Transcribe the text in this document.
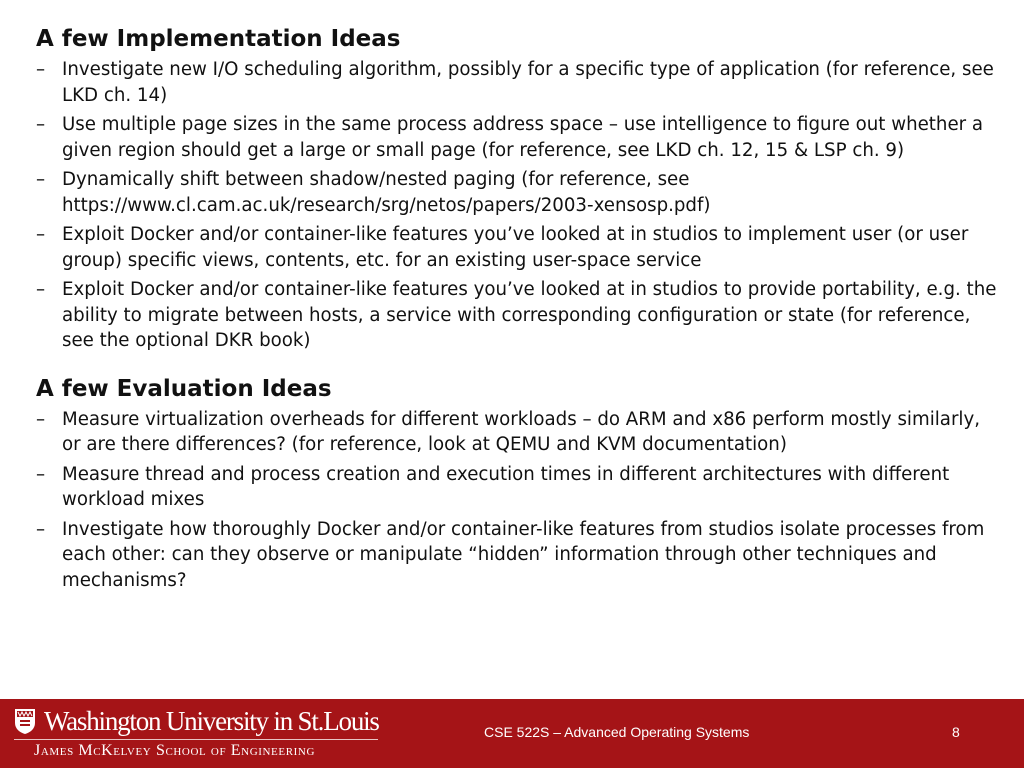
A few Implementation Ideas
– Investigate new I/O scheduling algorithm, possibly for a specific type of application (for reference, see LKD ch. 14)
– Use multiple page sizes in the same process address space – use intelligence to figure out whether a given region should get a large or small page (for reference, see LKD ch. 12, 15 & LSP ch. 9)
– Dynamically shift between shadow/nested paging (for reference, see https://www.cl.cam.ac.uk/research/srg/netos/papers/2003-xensosp.pdf)
– Exploit Docker and/or container-like features you’ve looked at in studios to implement user (or user group) specific views, contents, etc. for an existing user-space service
– Exploit Docker and/or container-like features you’ve looked at in studios to provide portability, e.g. the ability to migrate between hosts, a service with corresponding configuration or state (for reference, see the optional DKR book)
A few Evaluation Ideas
– Measure virtualization overheads for different workloads – do ARM and x86 perform mostly similarly, or are there differences? (for reference, look at QEMU and KVM documentation)
– Measure thread and process creation and execution times in different architectures with different workload mixes
– Investigate how thoroughly Docker and/or container-like features from studios isolate processes from each other: can they observe or manipulate “hidden” information through other techniques and mechanisms?
Washington University in St.Louis
James McKelvey School of Engineering
CSE 522S – Advanced Operating Systems	8
